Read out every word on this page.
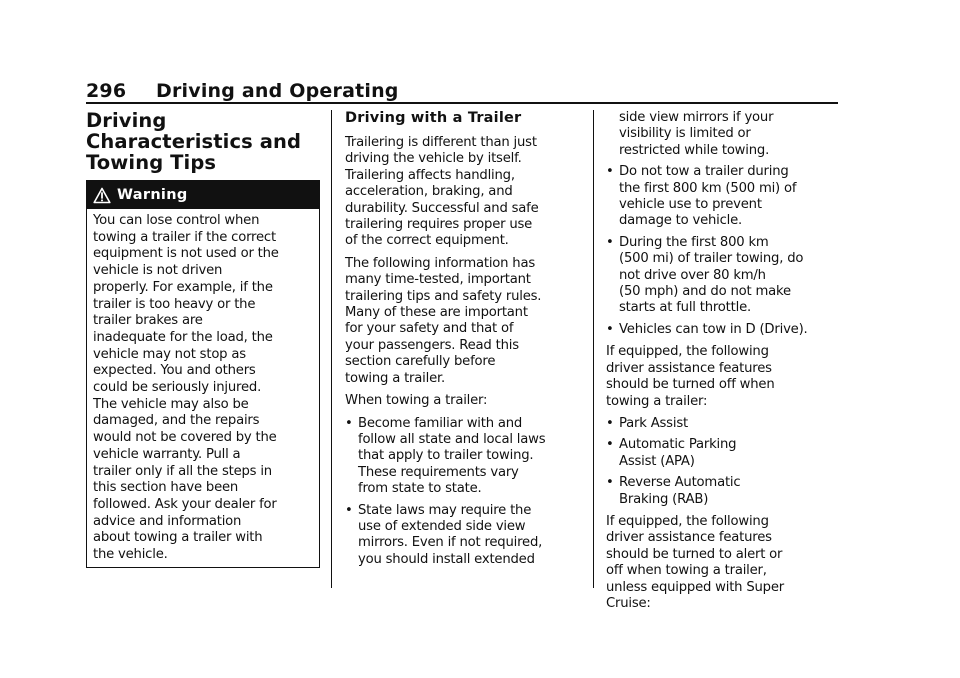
296 Driving and Operating
Driving
Characteristics and
Towing Tips
Warning
You can lose control when
towing a trailer if the correct
equipment is not used or the
vehicle is not driven
properly. For example, if the
trailer is too heavy or the
trailer brakes are
inadequate for the load, the
vehicle may not stop as
expected. You and others
could be seriously injured.
The vehicle may also be
damaged, and the repairs
would not be covered by the
vehicle warranty. Pull a
trailer only if all the steps in
this section have been
followed. Ask your dealer for
advice and information
about towing a trailer with
the vehicle.
Driving with a Trailer

Trailering is different than just
driving the vehicle by itself.
Trailering affects handling,
acceleration, braking, and
durability. Successful and safe
trailering requires proper use
of the correct equipment.

The following information has
many time-tested, important
trailering tips and safety rules.
Many of these are important
for your safety and that of
your passengers. Read this
section carefully before
towing a trailer.

When towing a trailer:

• Become familiar with and
follow all state and local laws
that apply to trailer towing.
These requirements vary
from state to state.
• State laws may require the
use of extended side view
mirrors. Even if not required,
you should install extended

side view mirrors if your
visibility is limited or
restricted while towing.

• Do not tow a trailer during
the first 800 km (500 mi) of
vehicle use to prevent
damage to vehicle.
• During the first 800 km
(500 mi) of trailer towing, do
not drive over 80 km/h
(50 mph) and do not make
starts at full throttle.
• Vehicles can tow in D (Drive).

If equipped, the following
driver assistance features
should be turned off when
towing a trailer:

• Park Assist
• Automatic Parking
Assist (APA)
• Reverse Automatic
Braking (RAB)

If equipped, the following
driver assistance features
should be turned to alert or
off when towing a trailer,
unless equipped with Super
Cruise:
